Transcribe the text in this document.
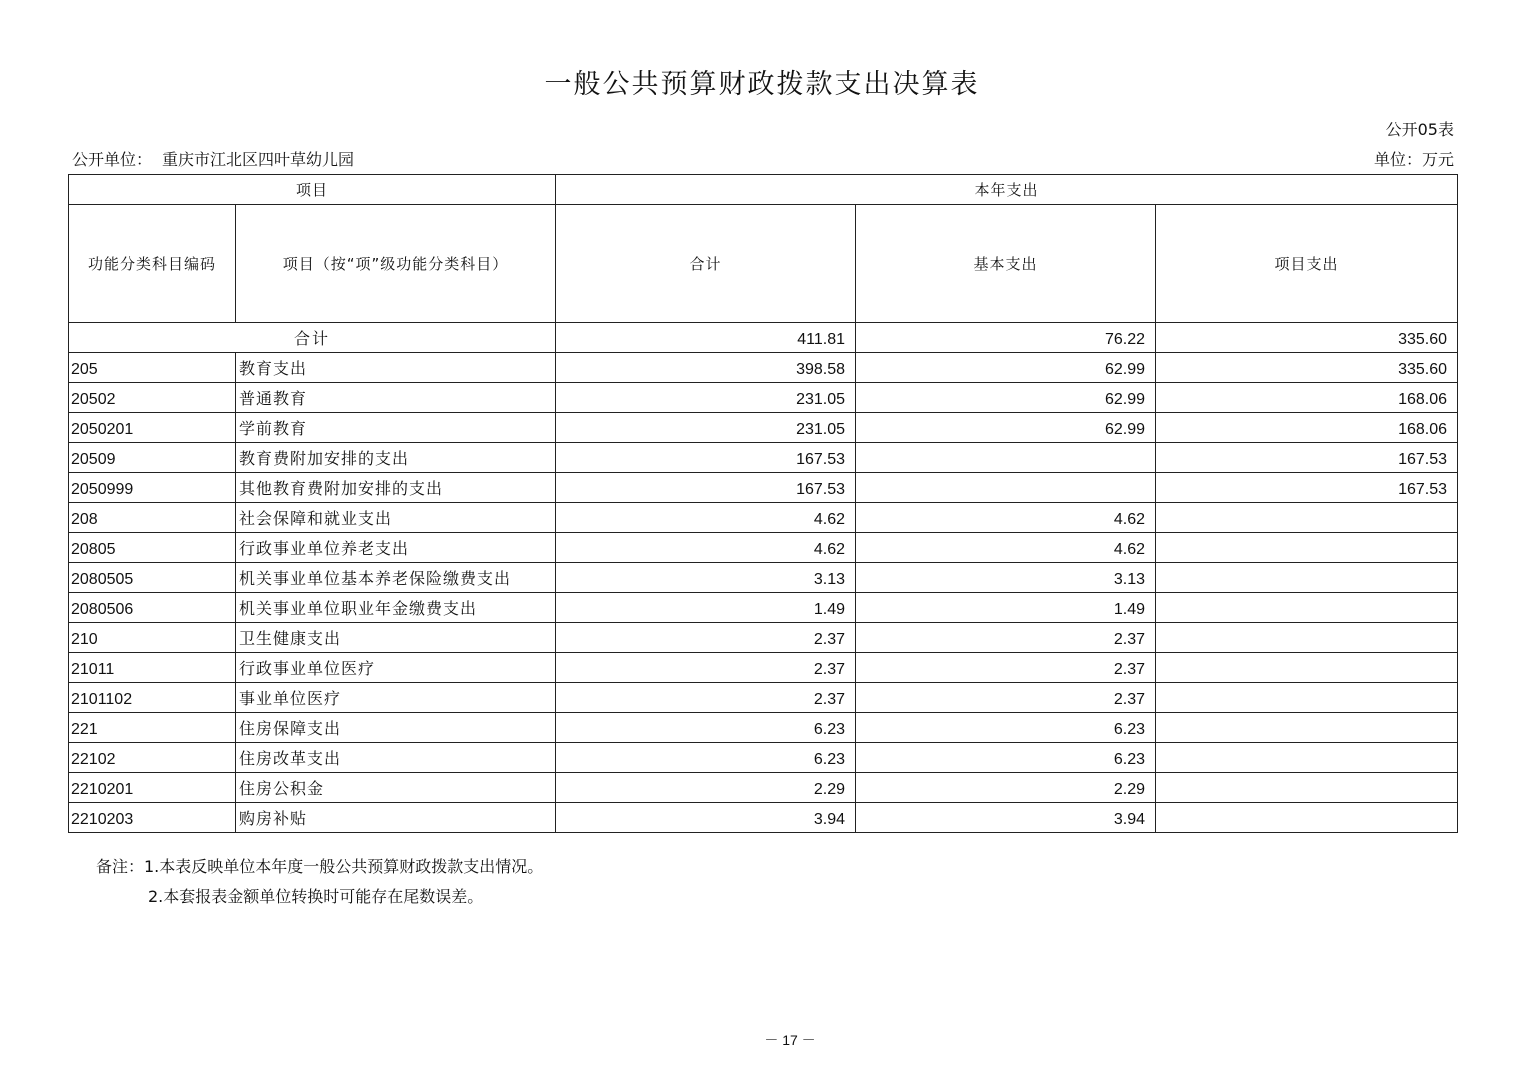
一般公共预算财政拨款支出决算表
公开05表
公开单位： 重庆市江北区四叶草幼儿园	单位：万元
项目		本年支出		
功能分类科目编码	项目（按“项”级功能分类科目）	合计	基本支出	项目支出
合计		411.81	76.22	335.60
205	教育支出	398.58	62.99	335.60
20502	普通教育	231.05	62.99	168.06
2050201	学前教育	231.05	62.99	168.06
20509	教育费附加安排的支出	167.53		167.53
2050999	其他教育费附加安排的支出	167.53		167.53
208	社会保障和就业支出	4.62	4.62	
20805	行政事业单位养老支出	4.62	4.62	
2080505	机关事业单位基本养老保险缴费支出	3.13	3.13	
2080506	机关事业单位职业年金缴费支出	1.49	1.49	
210	卫生健康支出	2.37	2.37	
21011	行政事业单位医疗	2.37	2.37	
2101102	事业单位医疗	2.37	2.37	
221	住房保障支出	6.23	6.23	
22102	住房改革支出	6.23	6.23	
2210201	住房公积金	2.29	2.29	
2210203	购房补贴	3.94	3.94	
备注：1.本表反映单位本年度一般公共预算财政拨款支出情况。
2.本套报表金额单位转换时可能存在尾数误差。
－ 17 －
